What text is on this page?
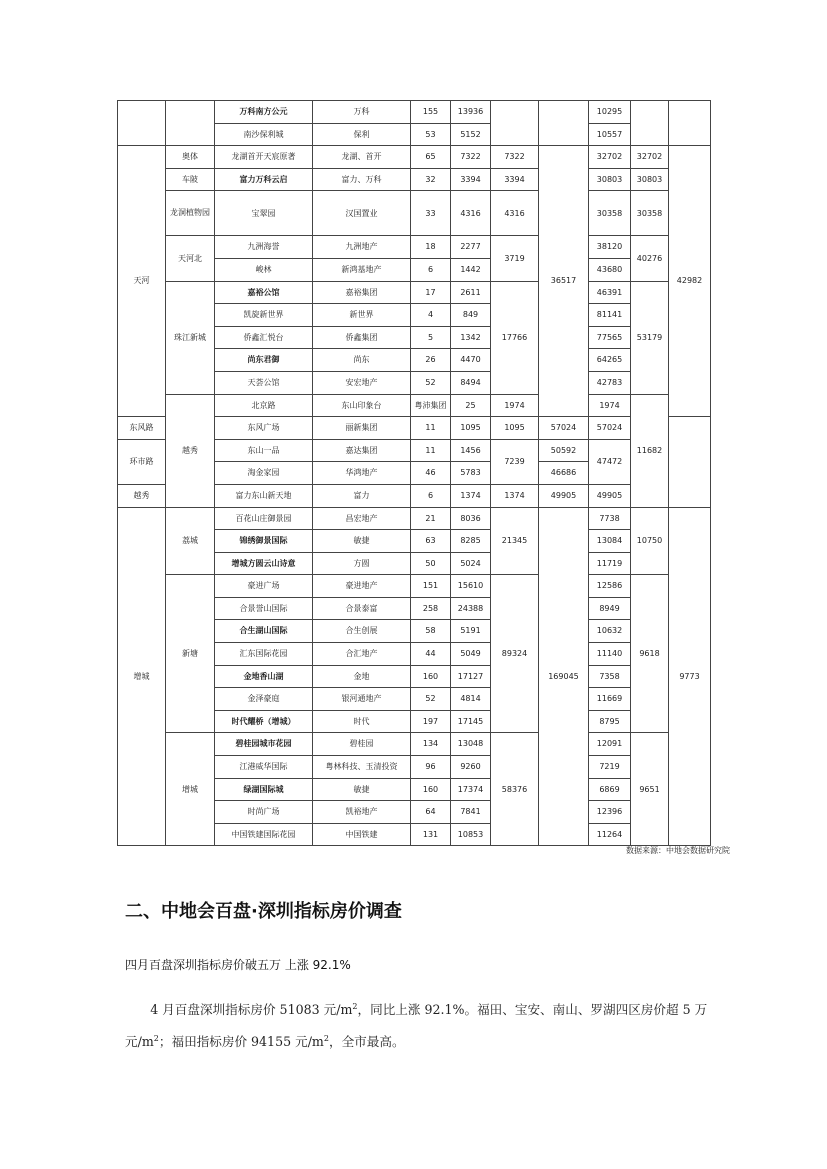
		万科南方公元	万科	155	13936			10295			
		南沙保利城	保利	53	5152			10557			
天河	奥体	龙湖首开天宸原著	龙湖、首开	65	7322	7322	36517	32702	32702	42982	
	车陂	富力万科云启	富力、万科	32	3394	3394		30803	30803		
	龙洞植物园	宝翠园	汉国置业	33	4316	4316		30358	30358		
	天河北	九洲海誉	九洲地产	18	2277	3719		38120	40276		
		峻林	新鸿基地产	6	1442			43680			
	珠江新城	嘉裕公馆	嘉裕集团	17	2611	17766		46391	53179		
		凯旋新世界	新世界	4	849			81141			
		侨鑫汇悦台	侨鑫集团	5	1342			77565			
		尚东君御	尚东	26	4470			64265			
		天荟公馆	安宏地产	52	8494			42783			
	越秀	北京路	东山印象台	粤沛集团	25	1974		1974	11682			
东风路		东风广场	丽新集团	11	1095	1095	57024	57024			
环市路		东山一品	嘉达集团	11	1456	7239	50592	47472			
		淘金家园	华鸿地产	46	5783		46686				
越秀		富力东山新天地	富力	6	1374	1374	49905	49905			
增城	荔城	百花山庄御景园	昌宏地产	21	8036	21345	169045	7738	10750	9773	
		锦绣御景国际	敏捷	63	8285			13084			
		增城方圆云山诗意	方圆	50	5024			11719			
	新塘	豪进广场	豪进地产	151	15610	89324		12586	9618		
		合景誉山国际	合景泰富	258	24388			8949			
		合生湖山国际	合生创展	58	5191			10632			
		汇东国际花园	合汇地产	44	5049			11140			
		金地香山湖	金地	160	17127			7358			
		金泽豪庭	银河通地产	52	4814			11669			
		时代耀桥（增城）	时代	197	17145			8795			
	增城	碧桂园城市花园	碧桂园	134	13048	58376		12091	9651		
		江港威华国际	粤林科技、玉清投资	96	9260			7219			
		绿湖国际城	敏捷	160	17374			6869			
		时尚广场	凯裕地产	64	7841			12396			
		中国铁建国际花园	中国铁建	131	10853			11264			
数据来源：中地会数据研究院
二、中地会百盘·深圳指标房价调查
四月百盘深圳指标房价破五万 上涨 92.1%
4 月百盘深圳指标房价 51083 元$/m^2$，同比上涨 92.1%。福田、宝安、南山、罗湖四区房价超 5 万元$/m^2$；福田指标房价 94155 元$/m^2$，全市最高。
